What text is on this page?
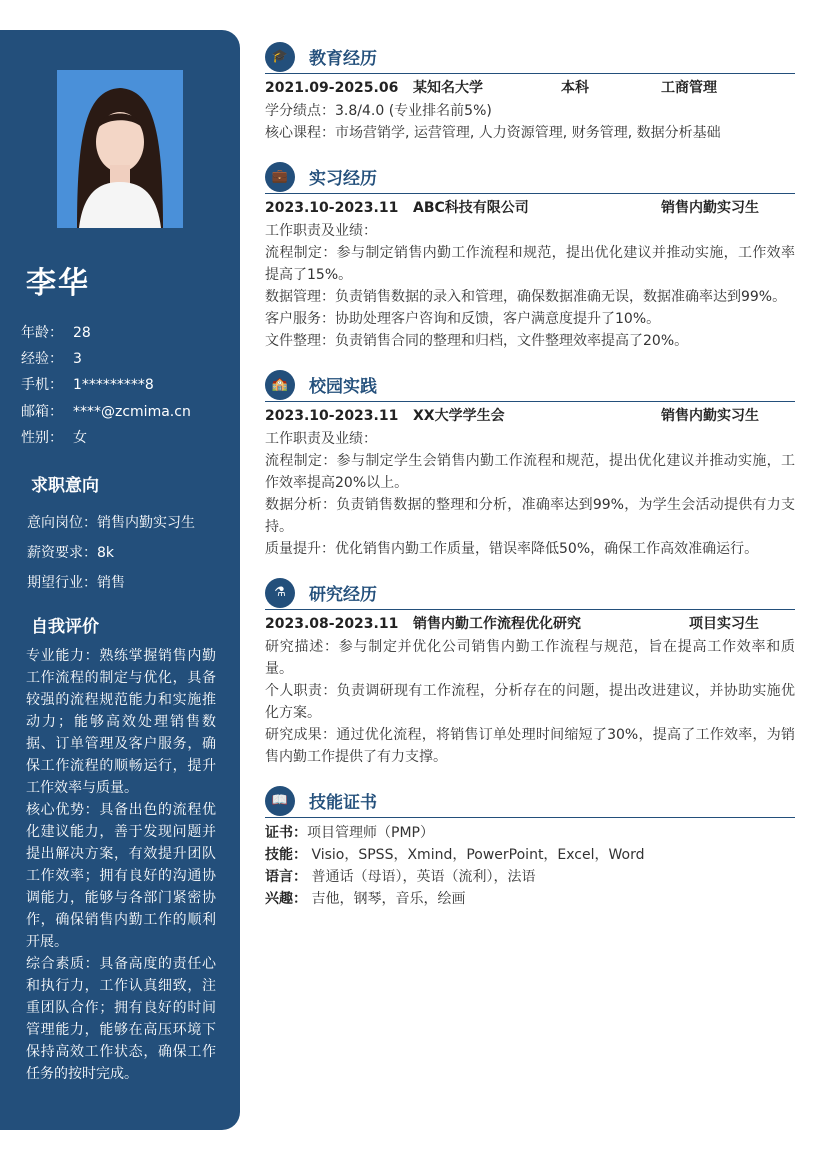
李华
年龄： 28
经验： 3
手机： 1*********8
邮箱： ****@zcmima.cn
性别： 女
求职意向
意向岗位：销售内勤实习生
薪资要求：8k
期望行业：销售
自我评价
专业能力：熟练掌握销售内勤工作流程的制定与优化，具备较强的流程规范能力和实施推动力；能够高效处理销售数据、订单管理及客户服务，确保工作流程的顺畅运行，提升工作效率与质量。
核心优势：具备出色的流程优化建议能力，善于发现问题并提出解决方案，有效提升团队工作效率；拥有良好的沟通协调能力，能够与各部门紧密协作，确保销售内勤工作的顺利开展。
综合素质：具备高度的责任心和执行力，工作认真细致，注重团队合作；拥有良好的时间管理能力，能够在高压环境下保持高效工作状态，确保工作任务的按时完成。
🎓	教育经历
2021.09-2025.06	某知名大学	本科	工商管理
学分绩点：3.8/4.0 (专业排名前5%)
核心课程：市场营销学, 运营管理, 人力资源管理, 财务管理, 数据分析基础
💼	实习经历
2023.10-2023.11	ABC科技有限公司	销售内勤实习生
工作职责及业绩：
流程制定：参与制定销售内勤工作流程和规范，提出优化建议并推动实施，工作效率提高了15%。
数据管理：负责销售数据的录入和管理，确保数据准确无误，数据准确率达到99%。
客户服务：协助处理客户咨询和反馈，客户满意度提升了10%。
文件整理：负责销售合同的整理和归档，文件整理效率提高了20%。
🏫	校园实践
2023.10-2023.11	XX大学学生会	销售内勤实习生
工作职责及业绩：
流程制定：参与制定学生会销售内勤工作流程和规范，提出优化建议并推动实施，工作效率提高20%以上。
数据分析：负责销售数据的整理和分析，准确率达到99%，为学生会活动提供有力支持。
质量提升：优化销售内勤工作质量，错误率降低50%，确保工作高效准确运行。
⚗	研究经历
2023.08-2023.11	销售内勤工作流程优化研究	项目实习生
研究描述：参与制定并优化公司销售内勤工作流程与规范，旨在提高工作效率和质量。
个人职责：负责调研现有工作流程，分析存在的问题，提出改进建议，并协助实施优化方案。
研究成果：通过优化流程，将销售订单处理时间缩短了30%，提高了工作效率，为销售内勤工作提供了有力支撑。
📖	技能证书
证书：项目管理师（PMP）
技能： Visio，SPSS，Xmind，PowerPoint，Excel，Word
语言： 普通话（母语），英语（流利），法语
兴趣： 吉他，钢琴，音乐，绘画
